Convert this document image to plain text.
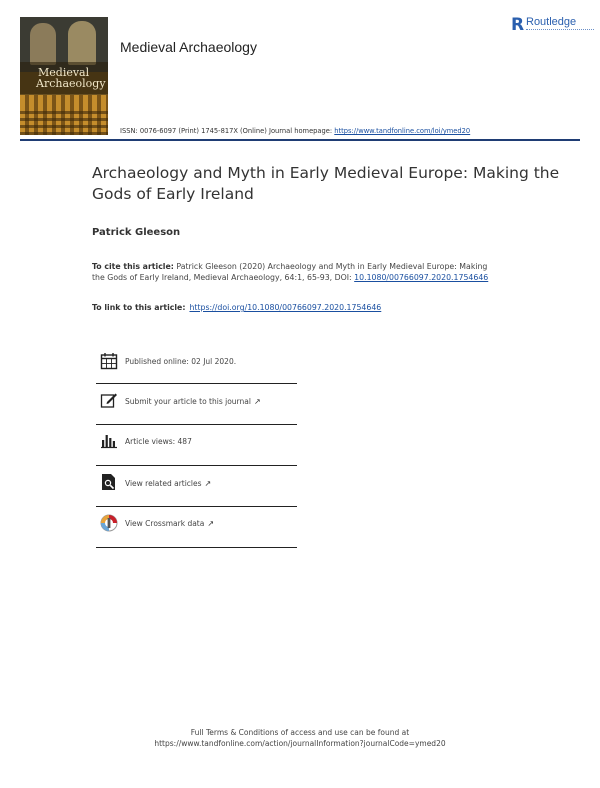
Medieval
Archaeology
Medieval Archaeology
R Routledge
ISSN: 0076-6097 (Print) 1745-817X (Online) Journal homepage: https://www.tandfonline.com/loi/ymed20
Archaeology and Myth in Early Medieval Europe: Making the Gods of Early Ireland
Patrick Gleeson
To cite this article: Patrick Gleeson (2020) Archaeology and Myth in Early Medieval Europe: Making the Gods of Early Ireland, Medieval Archaeology, 64:1, 65-93, DOI: 10.1080/00766097.2020.1754646
To link to this article: https://doi.org/10.1080/00766097.2020.1754646
Published online: 02 Jul 2020.
Submit your article to this journal ↗
Article views: 487
View related articles ↗
View Crossmark data ↗
Full Terms & Conditions of access and use can be found at
https://www.tandfonline.com/action/journalInformation?journalCode=ymed20
